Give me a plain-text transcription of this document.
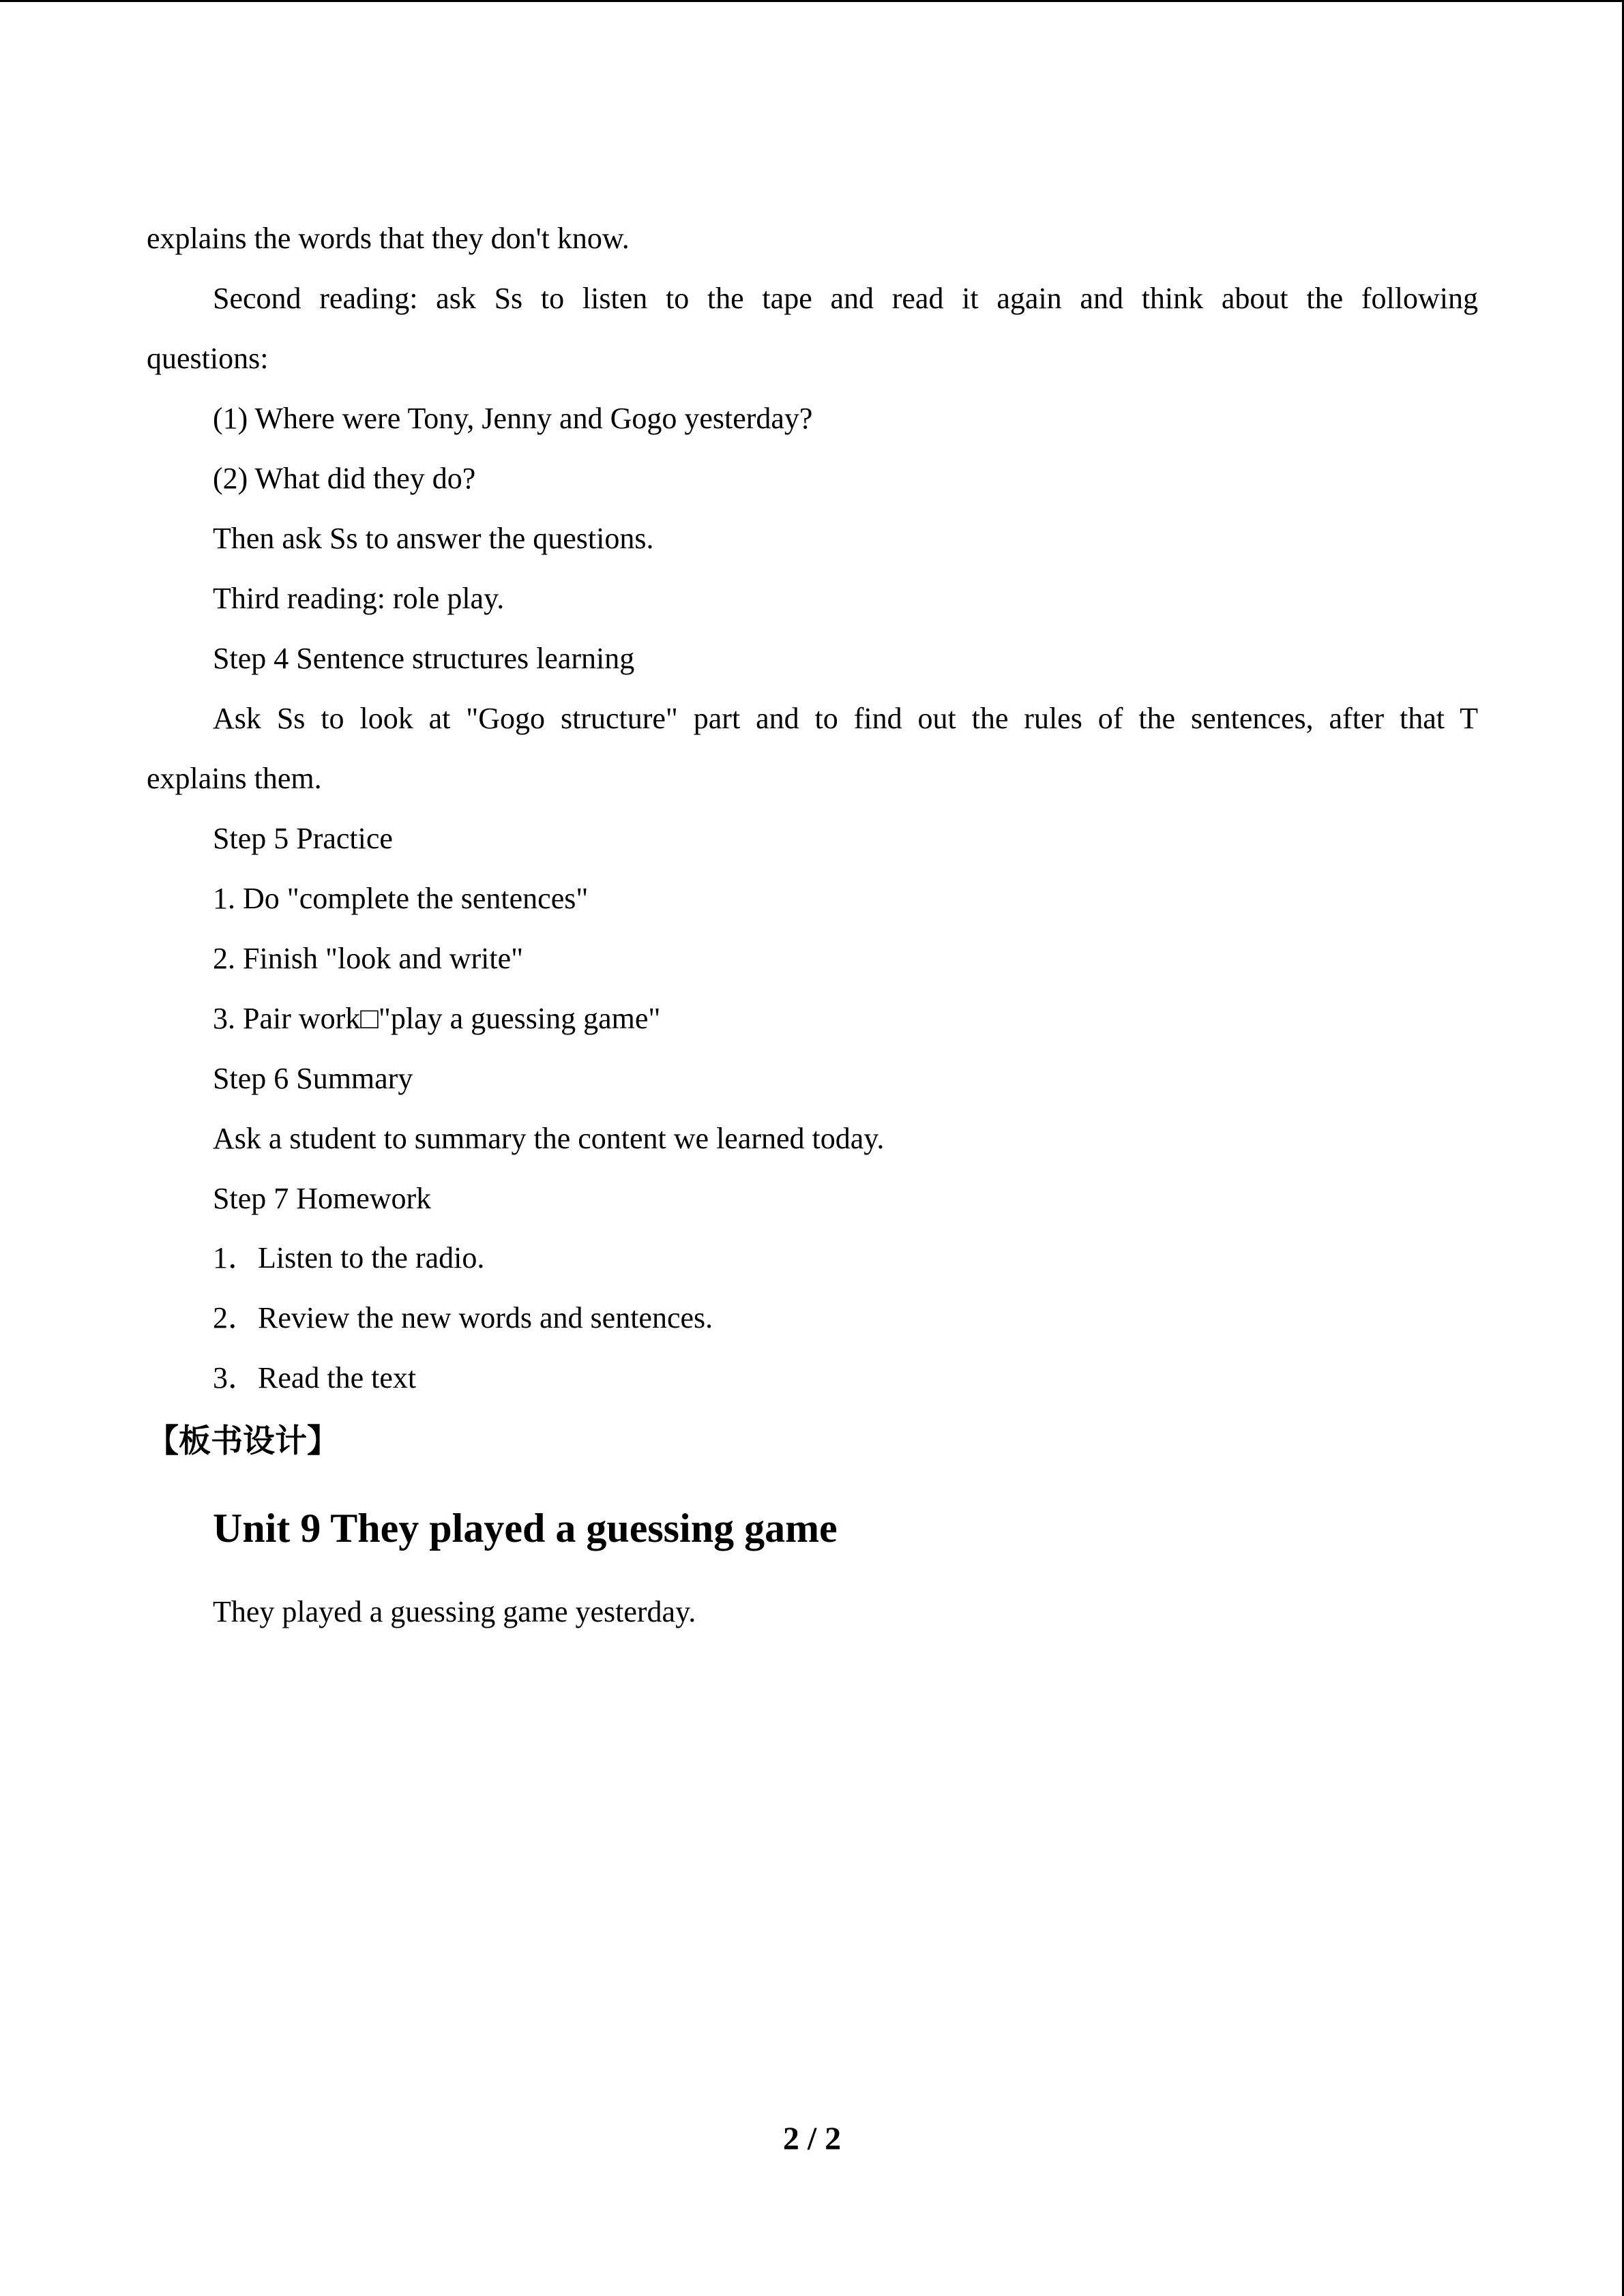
explains the words that they don't know.
Second reading: ask Ss to listen to the tape and read it again and think about the following
questions:
(1) Where were Tony, Jenny and Gogo yesterday?
(2) What did they do?
Then ask Ss to answer the questions.
Third reading: role play.
Step 4 Sentence structures learning
Ask Ss to look at "Gogo structure" part and to find out the rules of the sentences, after that T
explains them.
Step 5 Practice
1. Do "complete the sentences"
2. Finish "look and write"
3. Pair work□"play a guessing game"
Step 6 Summary
Ask a student to summary the content we learned today.
Step 7 Homework
1．Listen to the radio.
2．Review the new words and sentences.
3．Read the text
【板书设计】
Unit 9 They played a guessing game
They played a guessing game yesterday.
2 / 2
